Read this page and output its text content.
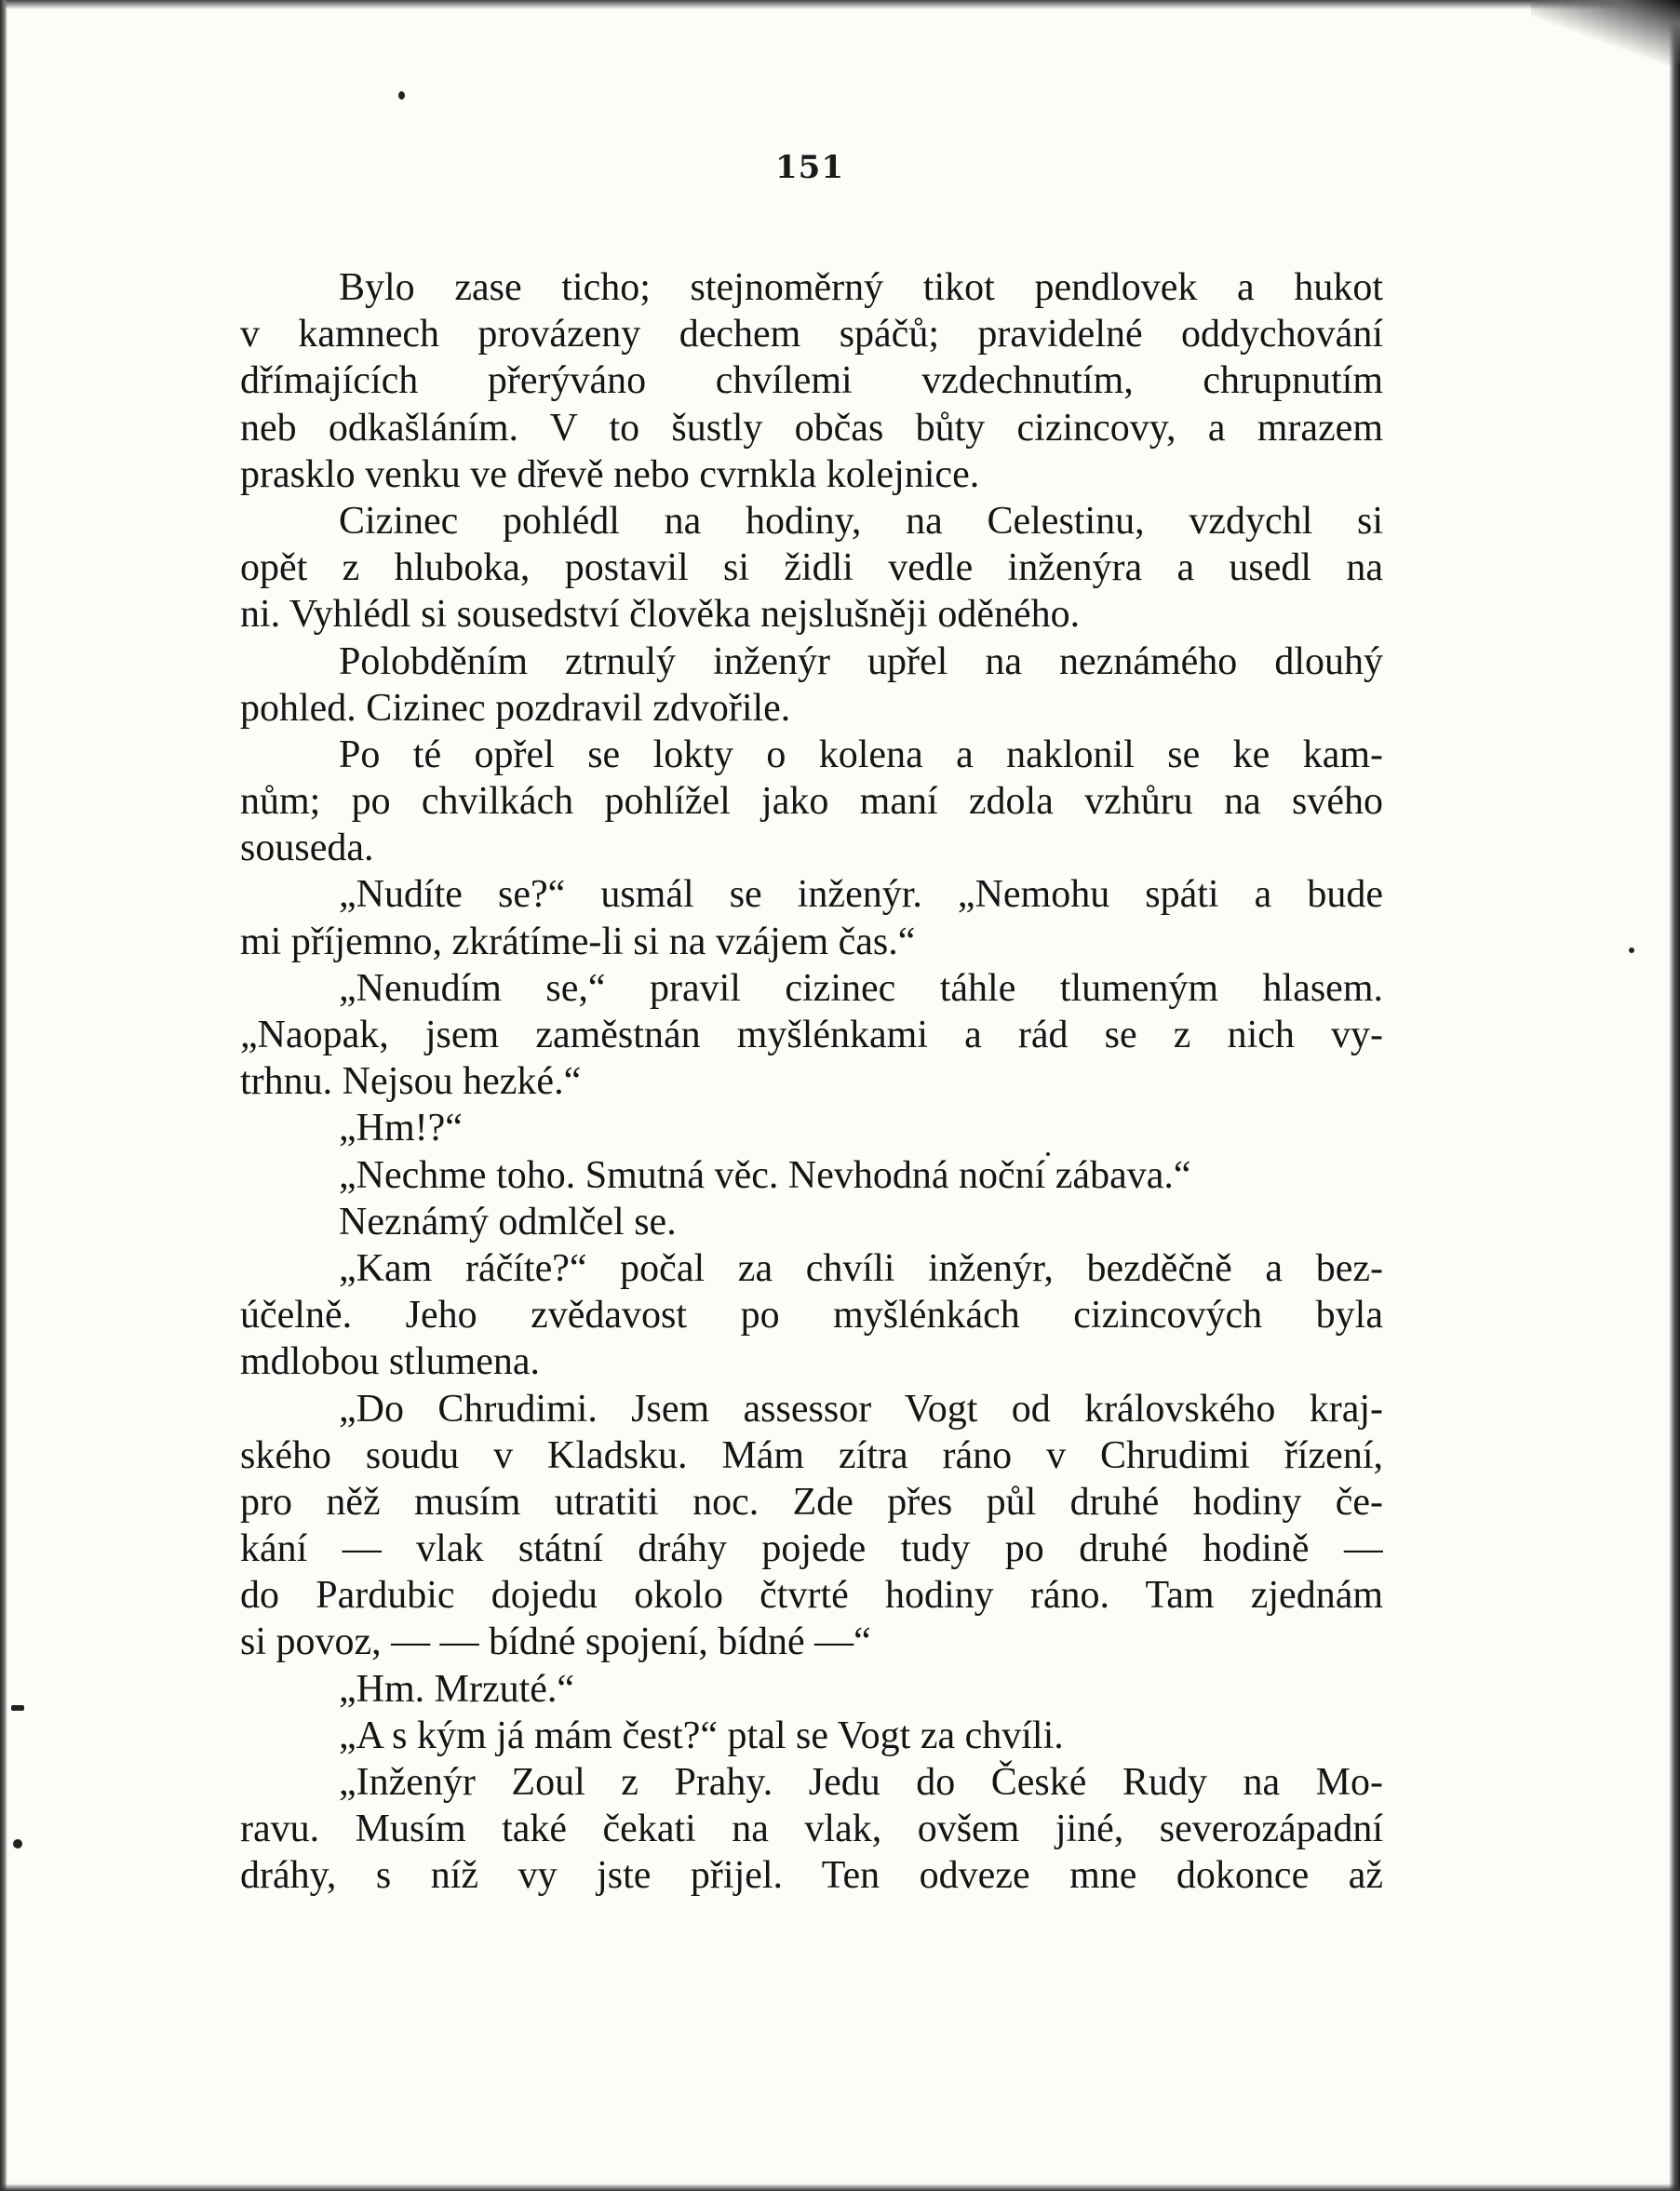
151
Bylo zase ticho; stejnoměrný tikot pendlovek a hukot
v kamnech provázeny dechem spáčů; pravidelné oddychování
dřímajících přerýváno chvílemi vzdechnutím, chrupnutím
neb odkašláním. V to šustly občas bůty cizincovy, a mrazem
prasklo venku ve dřevě nebo cvrnkla kolejnice.
Cizinec pohlédl na hodiny, na Celestinu, vzdychl si
opět z hluboka, postavil si židli vedle inženýra a usedl na
ni. Vyhlédl si sousedství člověka nejslušněji oděného.
Polobděním ztrnulý inženýr upřel na neznámého dlouhý
pohled. Cizinec pozdravil zdvořile.
Po té opřel se lokty o kolena a naklonil se ke kam-
nům; po chvilkách pohlížel jako maní zdola vzhůru na svého
souseda.
„Nudíte se?“ usmál se inženýr. „Nemohu spáti a bude
mi příjemno, zkrátíme-li si na vzájem čas.“
„Nenudím se,“ pravil cizinec táhle tlumeným hlasem.
„Naopak, jsem zaměstnán myšlénkami a rád se z nich vy-
trhnu. Nejsou hezké.“
„Hm!?“
„Nechme toho. Smutná věc. Nevhodná noční zábava.“
Neznámý odmlčel se.
„Kam ráčíte?“ počal za chvíli inženýr, bezděčně a bez-
účelně. Jeho zvědavost po myšlénkách cizincových byla
mdlobou stlumena.
„Do Chrudimi. Jsem assessor Vogt od královského kraj-
ského soudu v Kladsku. Mám zítra ráno v Chrudimi řízení,
pro něž musím utratiti noc. Zde přes půl druhé hodiny če-
kání — vlak státní dráhy pojede tudy po druhé hodině —
do Pardubic dojedu okolo čtvrté hodiny ráno. Tam zjednám
si povoz, — — bídné spojení, bídné —“
„Hm. Mrzuté.“
„A s kým já mám čest?“ ptal se Vogt za chvíli.
„Inženýr Zoul z Prahy. Jedu do České Rudy na Mo-
ravu. Musím také čekati na vlak, ovšem jiné, severozápadní
dráhy, s níž vy jste přijel. Ten odveze mne dokonce až
